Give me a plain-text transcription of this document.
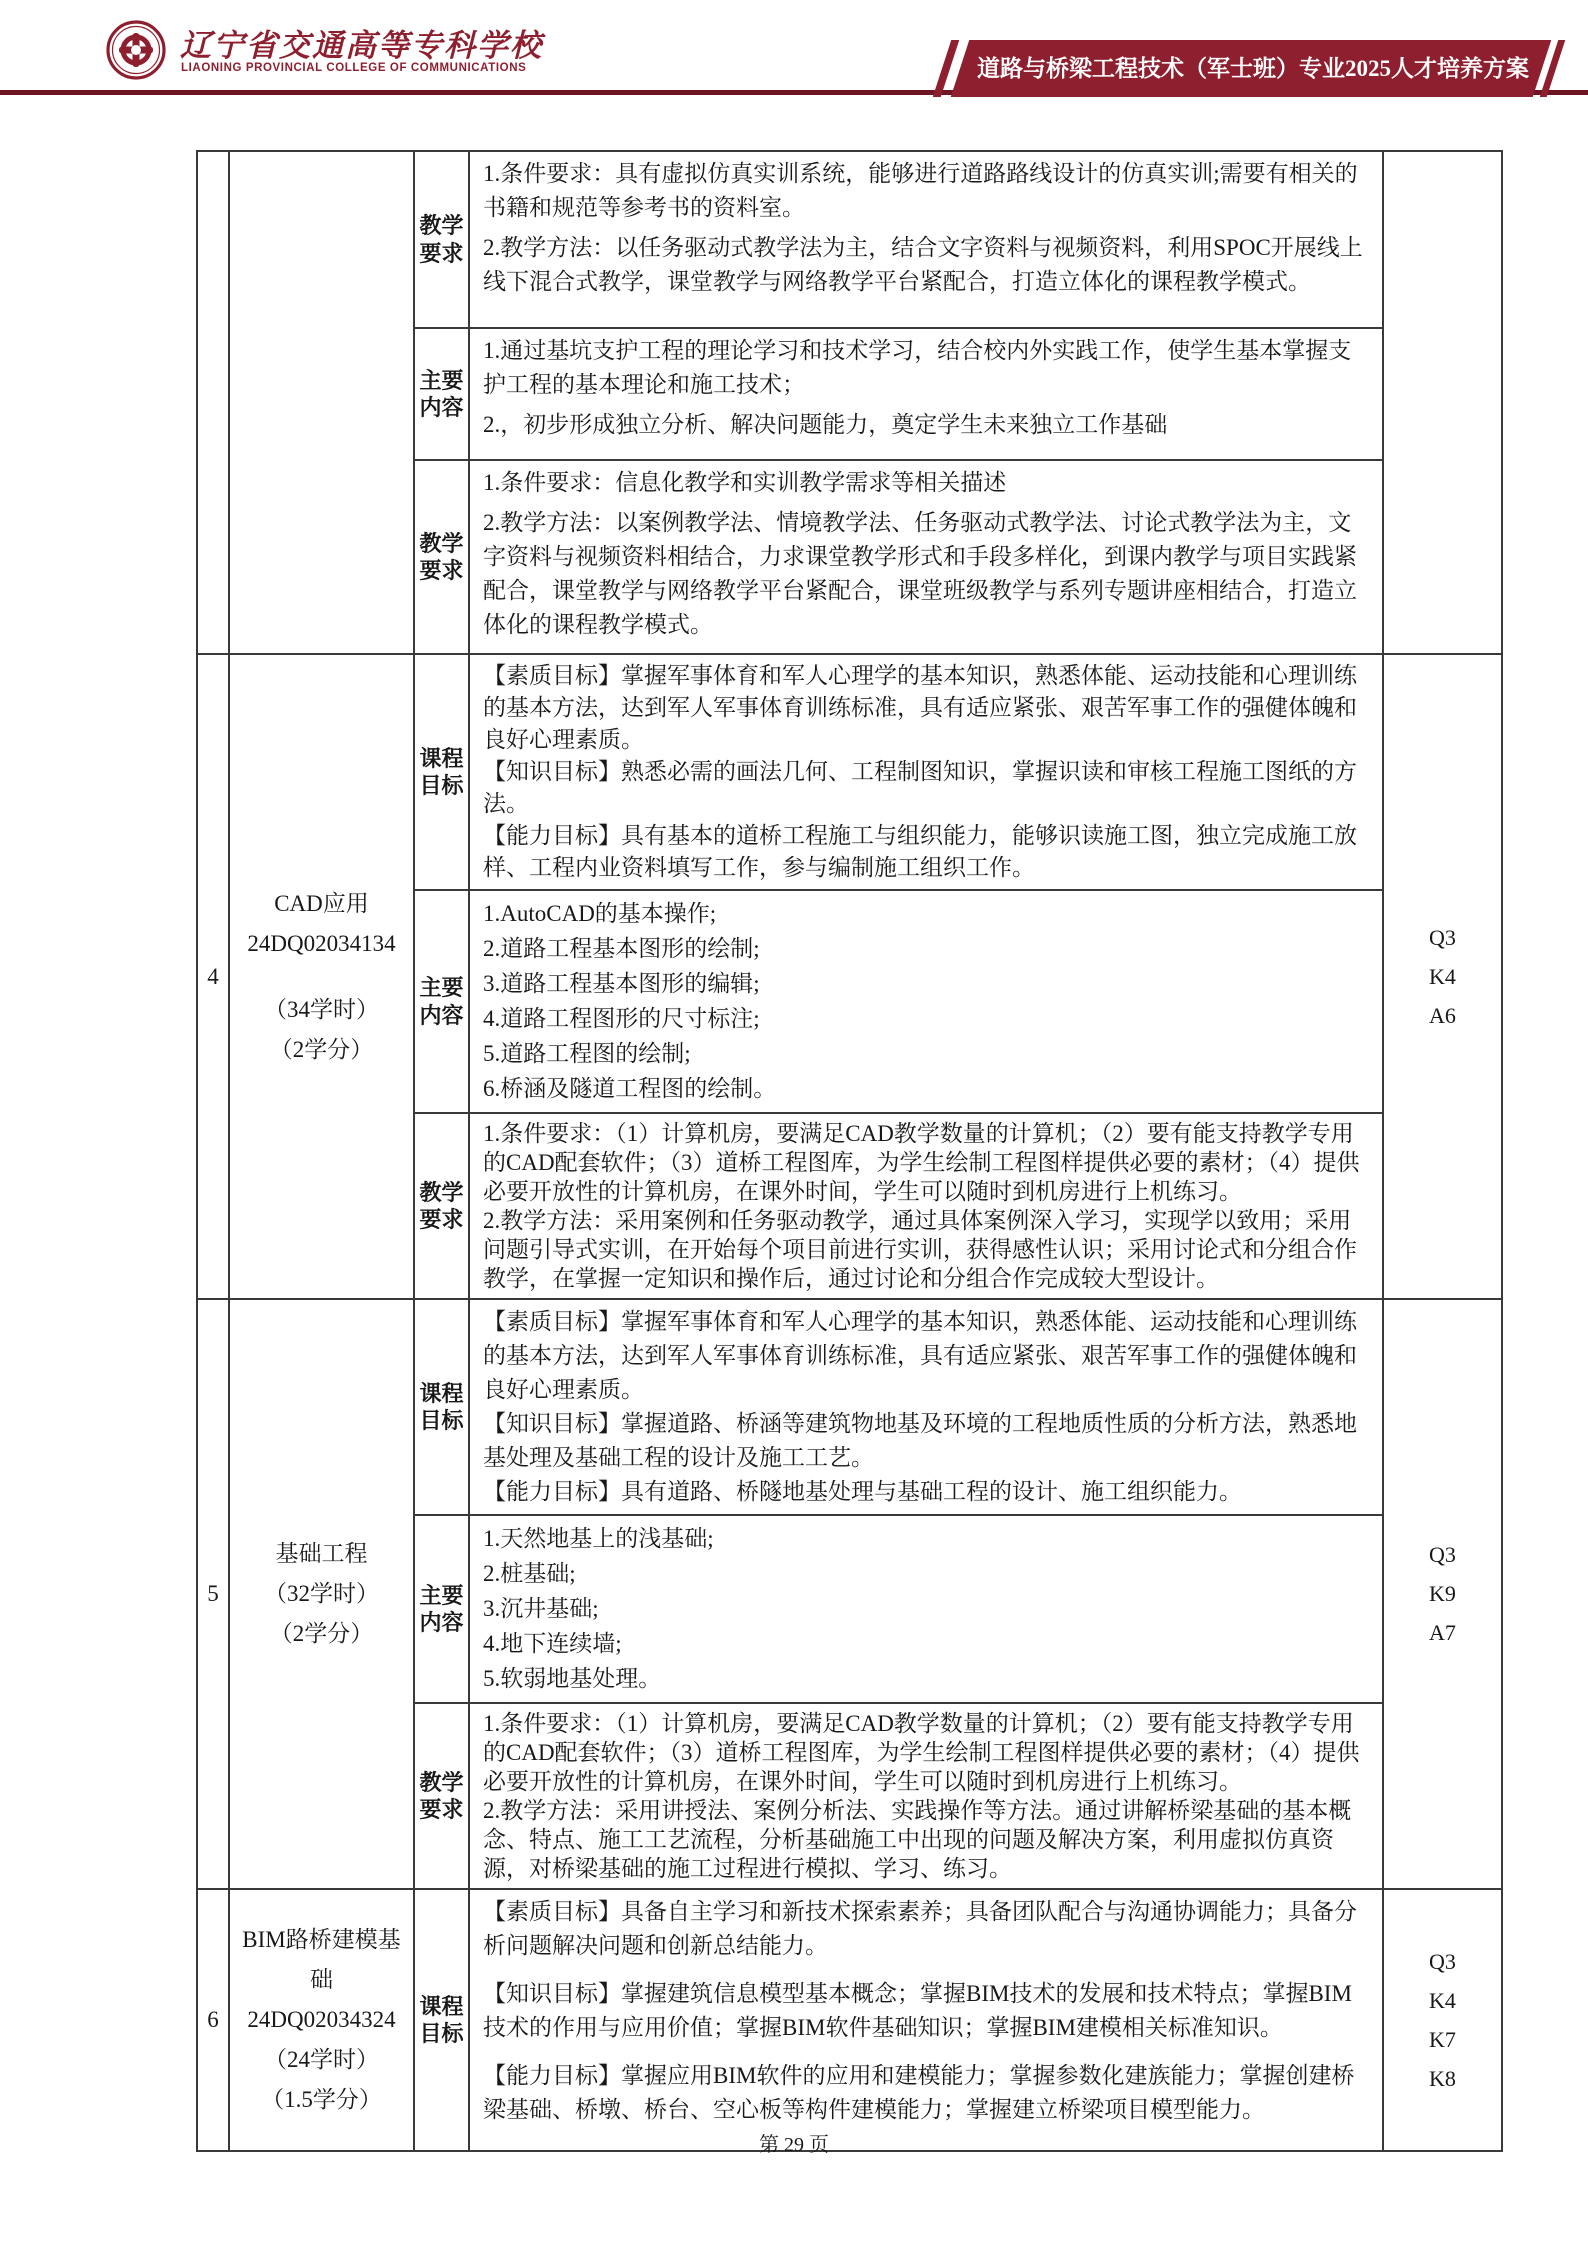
辽宁省交通高等专科学校
LIAONING PROVINCIAL COLLEGE OF COMMUNICATIONS	道路与桥梁工程技术（军士班）专业2025人才培养方案
教学要求

1.条件要求：具有虚拟仿真实训系统，能够进行道路路线设计的仿真实训;需要有相关的书籍和规范等参考书的资料室。

2.教学方法：以任务驱动式教学法为主，结合文字资料与视频资料，利用SPOC开展线上线下混合式教学，课堂教学与网络教学平台紧配合，打造立体化的课程教学模式。

主要内容

1.通过基坑支护工程的理论学习和技术学习，结合校内外实践工作，使学生基本掌握支护工程的基本理论和施工技术；

2.，初步形成独立分析、解决问题能力，奠定学生未来独立工作基础

教学要求

1.条件要求：信息化教学和实训教学需求等相关描述

2.教学方法：以案例教学法、情境教学法、任务驱动式教学法、讨论式教学法为主，文字资料与视频资料相结合，力求课堂教学形式和手段多样化，到课内教学与项目实践紧配合，课堂教学与网络教学平台紧配合，课堂班级教学与系列专题讲座相结合，打造立体化的课程教学模式。

4
CAD应用
24DQ02034134
（34学时）
（2学分）
课程目标

【素质目标】掌握军事体育和军人心理学的基本知识，熟悉体能、运动技能和心理训练的基本方法，达到军人军事体育训练标准，具有适应紧张、艰苦军事工作的强健体魄和良好心理素质。

【知识目标】熟悉必需的画法几何、工程制图知识，掌握识读和审核工程施工图纸的方法。

【能力目标】具有基本的道桥工程施工与组织能力，能够识读施工图，独立完成施工放样、工程内业资料填写工作，参与编制施工组织工作。

主要内容

1.AutoCAD的基本操作;

2.道路工程基本图形的绘制;

3.道路工程基本图形的编辑;

4.道路工程图形的尺寸标注;

5.道路工程图的绘制;

6.桥涵及隧道工程图的绘制。

教学要求

1.条件要求：（1）计算机房，要满足CAD教学数量的计算机；（2）要有能支持教学专用的CAD配套软件；（3）道桥工程图库，为学生绘制工程图样提供必要的素材；（4）提供必要开放性的计算机房，在课外时间，学生可以随时到机房进行上机练习。

2.教学方法：采用案例和任务驱动教学，通过具体案例深入学习，实现学以致用；采用问题引导式实训，在开始每个项目前进行实训，获得感性认识；采用讨论式和分组合作教学，在掌握一定知识和操作后，通过讨论和分组合作完成较大型设计。

Q3
K4
A6
5
基础工程
（32学时）
（2学分）
课程目标

【素质目标】掌握军事体育和军人心理学的基本知识，熟悉体能、运动技能和心理训练的基本方法，达到军人军事体育训练标准，具有适应紧张、艰苦军事工作的强健体魄和良好心理素质。

【知识目标】掌握道路、桥涵等建筑物地基及环境的工程地质性质的分析方法，熟悉地基处理及基础工程的设计及施工工艺。

【能力目标】具有道路、桥隧地基处理与基础工程的设计、施工组织能力。

主要内容

1.天然地基上的浅基础;

2.桩基础;

3.沉井基础;

4.地下连续墙;

5.软弱地基处理。

教学要求

1.条件要求：（1）计算机房，要满足CAD教学数量的计算机；（2）要有能支持教学专用的CAD配套软件；（3）道桥工程图库，为学生绘制工程图样提供必要的素材；（4）提供必要开放性的计算机房，在课外时间，学生可以随时到机房进行上机练习。

2.教学方法：采用讲授法、案例分析法、实践操作等方法。通过讲解桥梁基础的基本概念、特点、施工工艺流程，分析基础施工中出现的问题及解决方案，利用虚拟仿真资源，对桥梁基础的施工过程进行模拟、学习、练习。

Q3
K9
A7
6
BIM路桥建模基础
24DQ02034324
（24学时）
（1.5学分）
课程目标

【素质目标】具备自主学习和新技术探索素养；具备团队配合与沟通协调能力；具备分析问题解决问题和创新总结能力。

【知识目标】掌握建筑信息模型基本概念；掌握BIM技术的发展和技术特点；掌握BIM技术的作用与应用价值；掌握BIM软件基础知识；掌握BIM建模相关标准知识。

【能力目标】掌握应用BIM软件的应用和建模能力；掌握参数化建族能力；掌握创建桥梁基础、桥墩、桥台、空心板等构件建模能力；掌握建立桥梁项目模型能力。

Q3
K4
K7
K8
第 29 页
